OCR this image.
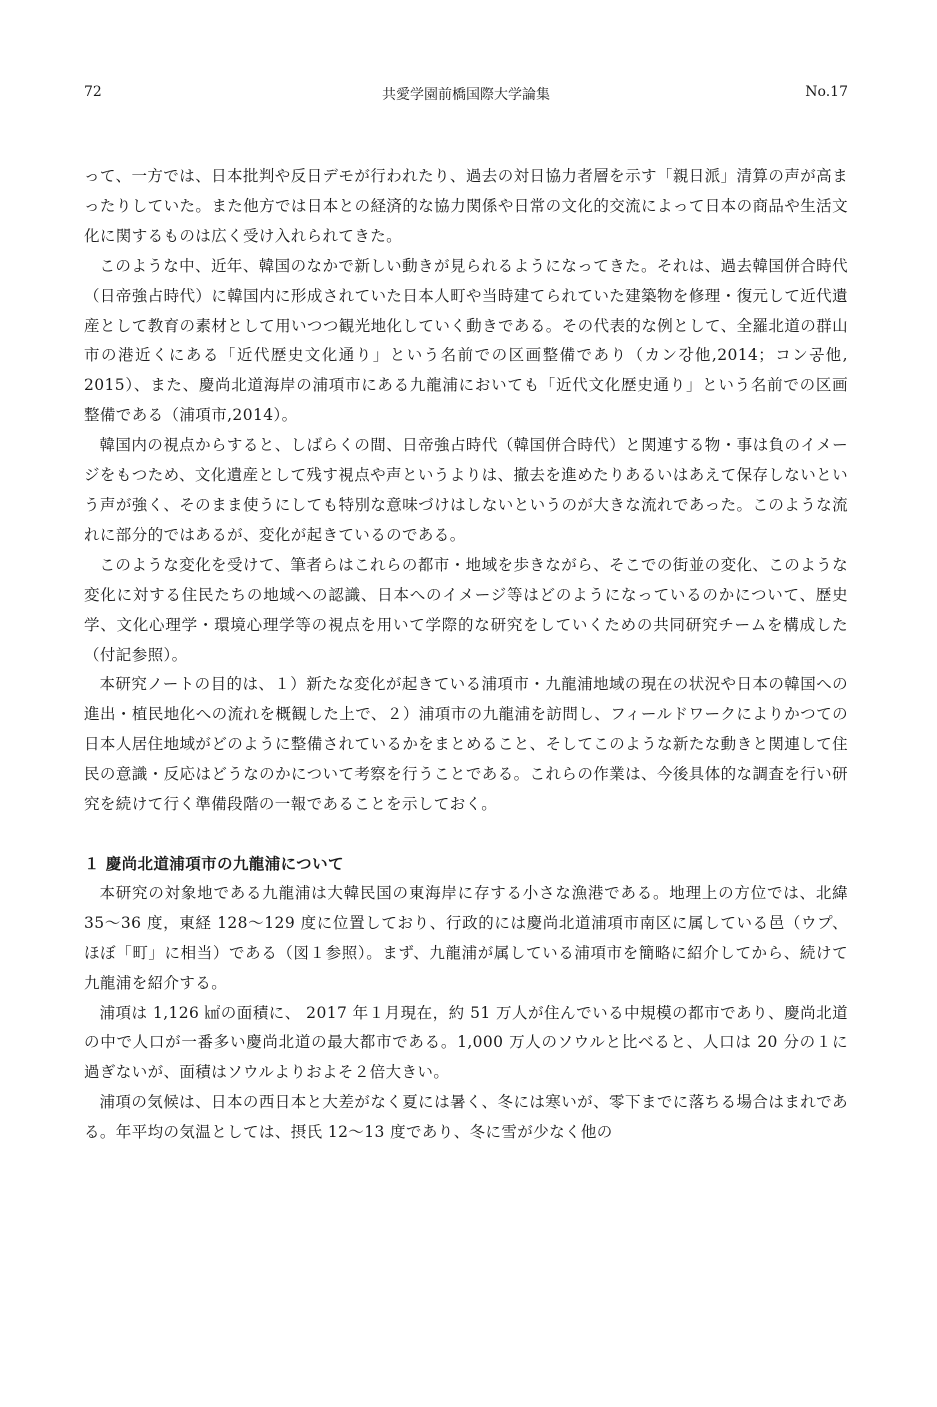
72	共愛学園前橋国際大学論集	No.17

って、一方では、日本批判や反日デモが行われたり、過去の対日協力者層を示す「親日派」清算の声が高まったりしていた。また他方では日本との経済的な協力関係や日常の文化的交流によって日本の商品や生活文化に関するものは広く受け入れられてきた。

このような中、近年、韓国のなかで新しい動きが見られるようになってきた。それは、過去韓国併合時代（日帝強占時代）に韓国内に形成されていた日本人町や当時建てられていた建築物を修理・復元して近代遺産として教育の素材として用いつつ観光地化していく動きである。その代表的な例として、全羅北道の群山市の港近くにある「近代歴史文化通り」という名前での区画整備であり（カン강他,2014；コン공他, 2015）、また、慶尚北道海岸の浦項市にある九龍浦においても「近代文化歴史通り」という名前での区画整備である（浦項市,2014）。

韓国内の視点からすると、しばらくの間、日帝強占時代（韓国併合時代）と関連する物・事は負のイメージをもつため、文化遺産として残す視点や声というよりは、撤去を進めたりあるいはあえて保存しないという声が強く、そのまま使うにしても特別な意味づけはしないというのが大きな流れであった。このような流れに部分的ではあるが、変化が起きているのである。

このような変化を受けて、筆者らはこれらの都市・地域を歩きながら、そこでの街並の変化、このような変化に対する住民たちの地域への認識、日本へのイメージ等はどのようになっているのかについて、歴史学、文化心理学・環境心理学等の視点を用いて学際的な研究をしていくための共同研究チームを構成した（付記参照）。

本研究ノートの目的は、１）新たな変化が起きている浦項市・九龍浦地域の現在の状況や日本の韓国への進出・植民地化への流れを概観した上で、２）浦項市の九龍浦を訪問し、フィールドワークによりかつての日本人居住地域がどのように整備されているかをまとめること、そしてこのような新たな動きと関連して住民の意識・反応はどうなのかについて考察を行うことである。これらの作業は、今後具体的な調査を行い研究を続けて行く準備段階の一報であることを示しておく。

１ 慶尚北道浦項市の九龍浦について

本研究の対象地である九龍浦は大韓民国の東海岸に存する小さな漁港である。地理上の方位では、北緯 35～36 度，東経 128～129 度に位置しており、行政的には慶尚北道浦項市南区に属している邑（ウプ、ほぼ「町」に相当）である（図１参照）。まず、九龍浦が属している浦項市を簡略に紹介してから、続けて九龍浦を紹介する。

浦項は 1,126 ㎢の面積に、 2017 年１月現在，約 51 万人が住んでいる中規模の都市であり、慶尚北道の中で人口が一番多い慶尚北道の最大都市である。1,000 万人のソウルと比べると、人口は 20 分の１に過ぎないが、面積はソウルよりおよそ２倍大きい。

浦項の気候は、日本の西日本と大差がなく夏には暑く、冬には寒いが、零下までに落ちる場合はまれである。年平均の気温としては、摂氏 12～13 度であり、冬に雪が少なく他の
